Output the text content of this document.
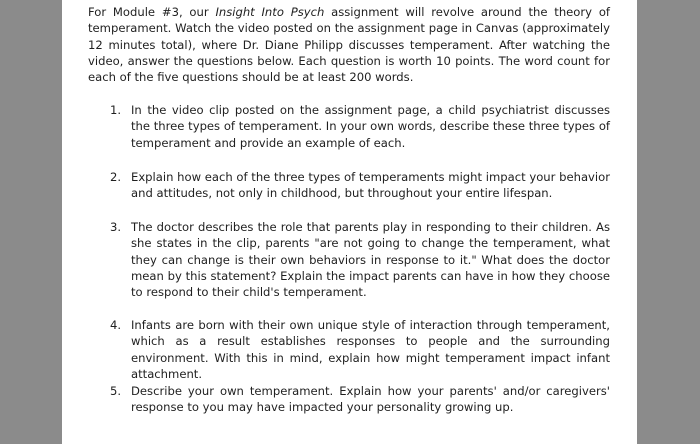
For Module #3, our Insight Into Psych assignment will revolve around the theory of temperament. Watch the video posted on the assignment page in Canvas (approximately 12 minutes total), where Dr. Diane Philipp discusses temperament. After watching the video, answer the questions below. Each question is worth 10 points. The word count for each of the five questions should be at least 200 words.

1. In the video clip posted on the assignment page, a child psychiatrist discusses the three types of temperament. In your own words, describe these three types of temperament and provide an example of each.
2. Explain how each of the three types of temperaments might impact your behavior and attitudes, not only in childhood, but throughout your entire lifespan.
3. The doctor describes the role that parents play in responding to their children. As she states in the clip, parents "are not going to change the temperament, what they can change is their own behaviors in response to it." What does the doctor mean by this statement? Explain the impact parents can have in how they choose to respond to their child's temperament.
4. Infants are born with their own unique style of interaction through temperament, which as a result establishes responses to people and the surrounding environment. With this in mind, explain how might temperament impact infant attachment.
5. Describe your own temperament. Explain how your parents' and/or caregivers' response to you may have impacted your personality growing up.
